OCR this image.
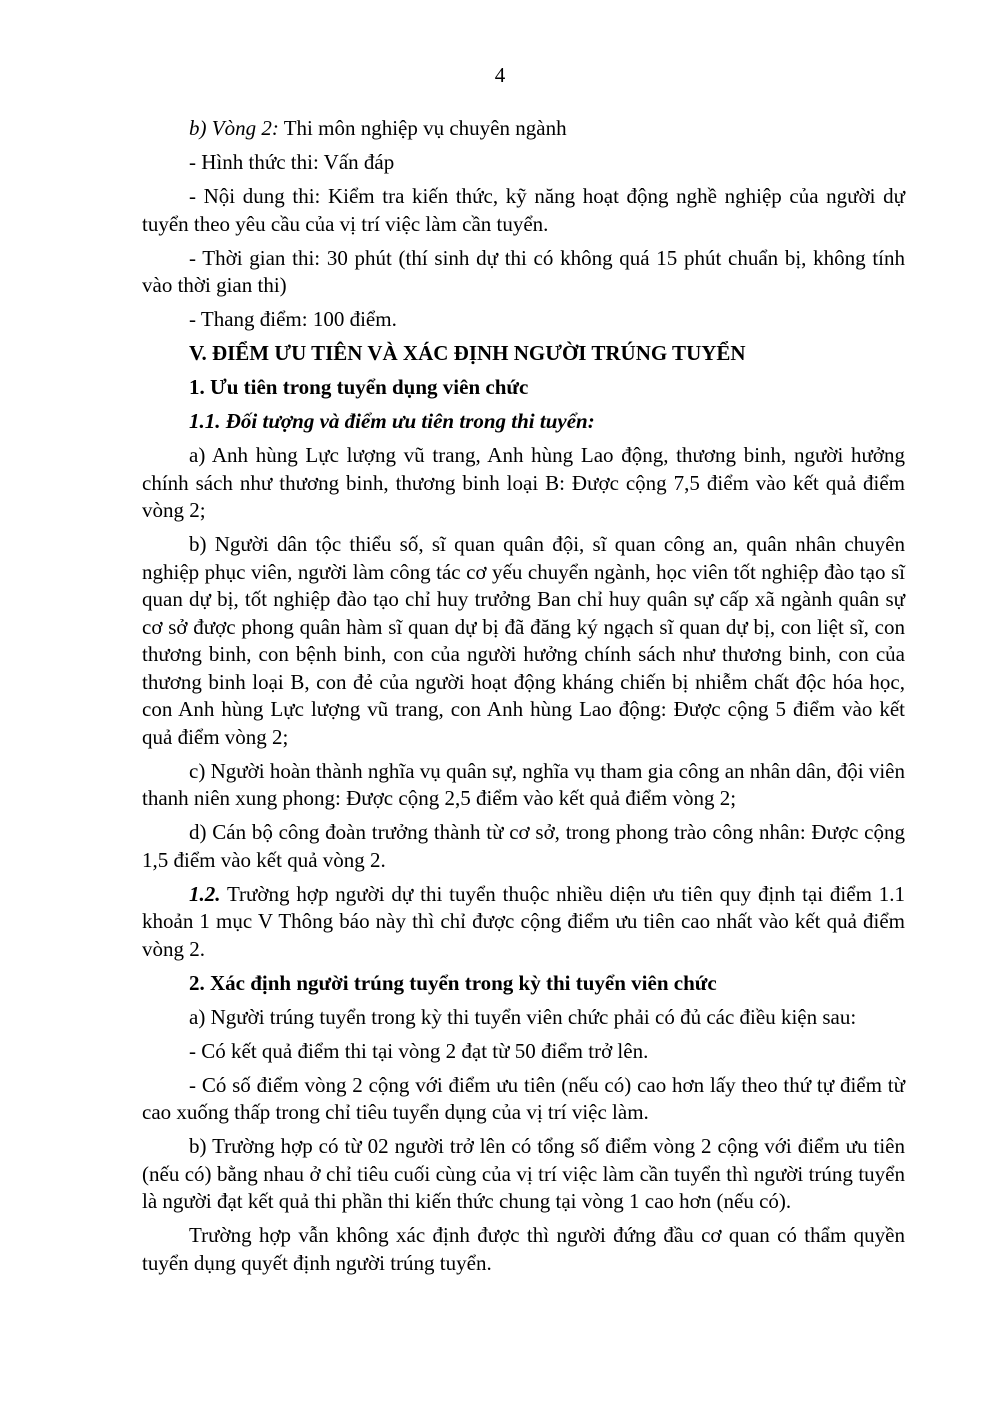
4

b) Vòng 2: Thi môn nghiệp vụ chuyên ngành

- Hình thức thi: Vấn đáp

- Nội dung thi: Kiểm tra kiến thức, kỹ năng hoạt động nghề nghiệp của người dự tuyển theo yêu cầu của vị trí việc làm cần tuyển.

- Thời gian thi: 30 phút (thí sinh dự thi có không quá 15 phút chuẩn bị, không tính vào thời gian thi)

- Thang điểm: 100 điểm.

V. ĐIỂM ƯU TIÊN VÀ XÁC ĐỊNH NGƯỜI TRÚNG TUYỂN

1. Ưu tiên trong tuyển dụng viên chức

1.1. Đối tượng và điểm ưu tiên trong thi tuyển:

a) Anh hùng Lực lượng vũ trang, Anh hùng Lao động, thương binh, người hưởng chính sách như thương binh, thương binh loại B: Được cộng 7,5 điểm vào kết quả điểm vòng 2;

b) Người dân tộc thiểu số, sĩ quan quân đội, sĩ quan công an, quân nhân chuyên nghiệp phục viên, người làm công tác cơ yếu chuyển ngành, học viên tốt nghiệp đào tạo sĩ quan dự bị, tốt nghiệp đào tạo chỉ huy trưởng Ban chỉ huy quân sự cấp xã ngành quân sự cơ sở được phong quân hàm sĩ quan dự bị đã đăng ký ngạch sĩ quan dự bị, con liệt sĩ, con thương binh, con bệnh binh, con của người hưởng chính sách như thương binh, con của thương binh loại B, con đẻ của người hoạt động kháng chiến bị nhiễm chất độc hóa học, con Anh hùng Lực lượng vũ trang, con Anh hùng Lao động: Được cộng 5 điểm vào kết quả điểm vòng 2;

c) Người hoàn thành nghĩa vụ quân sự, nghĩa vụ tham gia công an nhân dân, đội viên thanh niên xung phong: Được cộng 2,5 điểm vào kết quả điểm vòng 2;

d) Cán bộ công đoàn trưởng thành từ cơ sở, trong phong trào công nhân: Được cộng 1,5 điểm vào kết quả vòng 2.

1.2. Trường hợp người dự thi tuyển thuộc nhiều diện ưu tiên quy định tại điểm 1.1 khoản 1 mục V Thông báo này thì chỉ được cộng điểm ưu tiên cao nhất vào kết quả điểm vòng 2.

2. Xác định người trúng tuyển trong kỳ thi tuyển viên chức

a) Người trúng tuyển trong kỳ thi tuyển viên chức phải có đủ các điều kiện sau:

- Có kết quả điểm thi tại vòng 2 đạt từ 50 điểm trở lên.

- Có số điểm vòng 2 cộng với điểm ưu tiên (nếu có) cao hơn lấy theo thứ tự điểm từ cao xuống thấp trong chỉ tiêu tuyển dụng của vị trí việc làm.

b) Trường hợp có từ 02 người trở lên có tổng số điểm vòng 2 cộng với điểm ưu tiên (nếu có) bằng nhau ở chỉ tiêu cuối cùng của vị trí việc làm cần tuyển thì người trúng tuyển là người đạt kết quả thi phần thi kiến thức chung tại vòng 1 cao hơn (nếu có).

Trường hợp vẫn không xác định được thì người đứng đầu cơ quan có thẩm quyền tuyển dụng quyết định người trúng tuyển.
